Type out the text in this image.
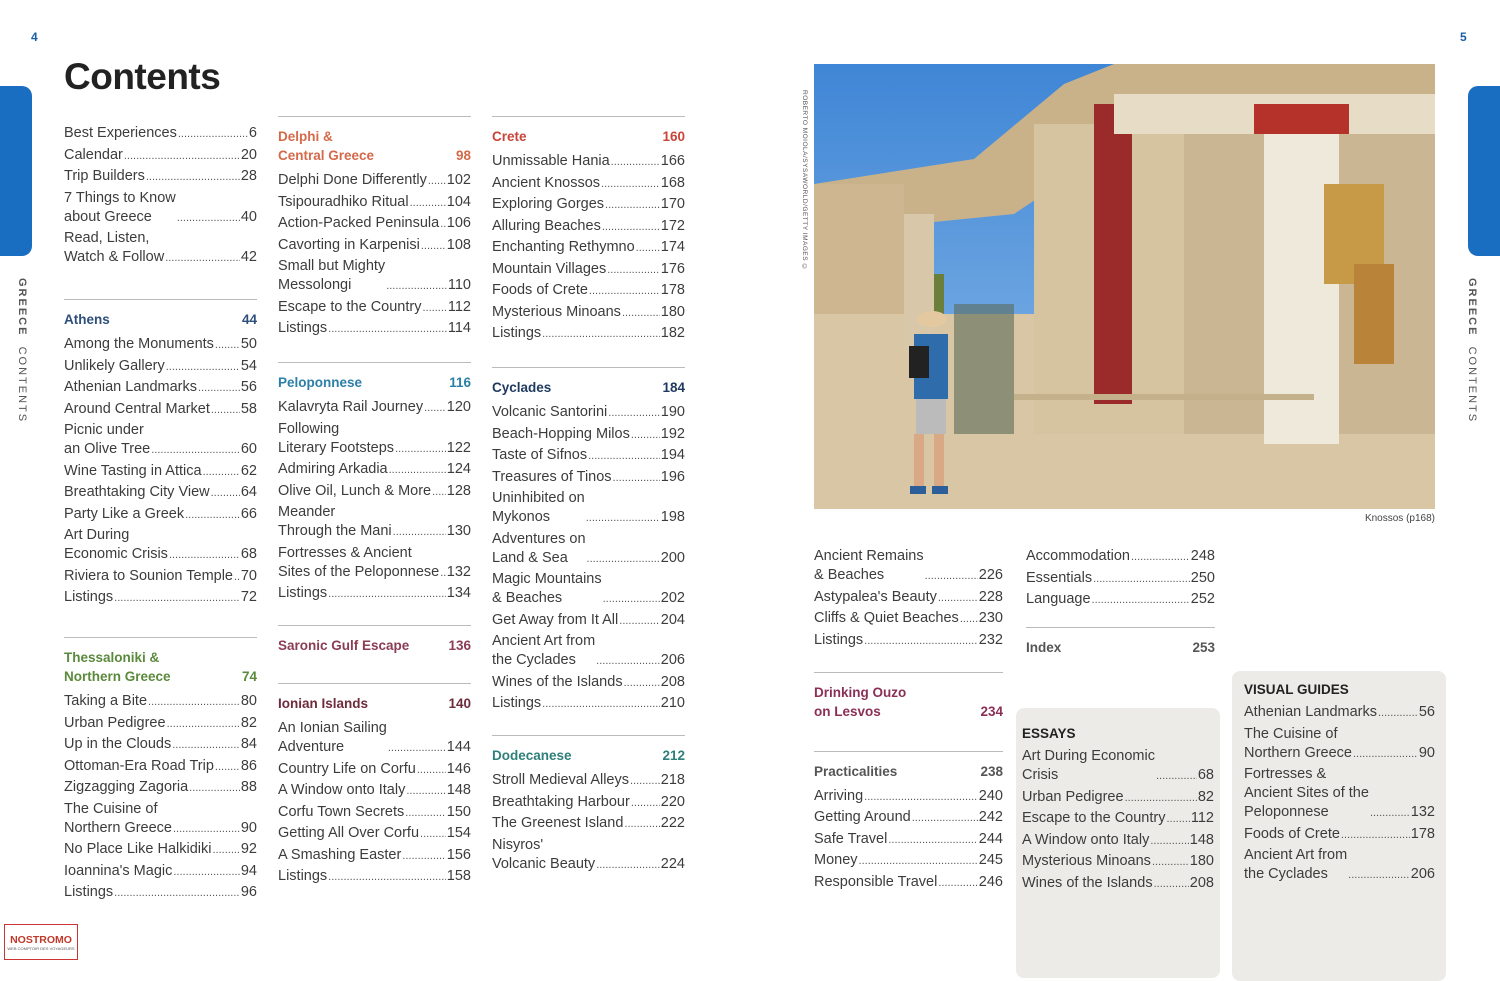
4	5
GREECE  CONTENTS
GREECE  CONTENTS
Contents
Best Experiences .....	6
Calendar .....	20
Trip Builders .....	28
7 Things to Know
about Greece .....	40
Read, Listen,
Watch & Follow .....	42
Athens	44
Among the Monuments ..... 50
Unlikely Gallery .....	54
Athenian Landmarks .....	56
Around Central Market ..... 58
Picnic under
an Olive Tree .....	60
Wine Tasting in Attica .....	62
Breathtaking City View ..... 64
Party Like a Greek .....	66
Art During
Economic Crisis .....	68
Riviera to Sounion Temple ..... 70
Listings .....	72
Thessaloniki &
Northern Greece	74
Taking a Bite .....	80
Urban Pedigree .....	82
Up in the Clouds .....	84
Ottoman-Era Road Trip ..... 86
Zigzagging Zagoria .....	88
The Cuisine of
Northern Greece .....	90
No Place Like Halkidiki ..... 92
Ioannina's Magic .....	94
Listings .....	96
Delphi &
Central Greece	98
Delphi Done Differently ..... 102
Tsipouradhiko Ritual .....	104
Action-Packed Peninsula ..... 106
Cavorting in Karpenisi ..... 108
Small but Mighty
Messolongi .....	110
Escape to the Country ..... 112
Listings .....	114
Peloponnese	116
Kalavryta Rail Journey ..... 120
Following
Literary Footsteps .....	122
Admiring Arkadia .....	124
Olive Oil, Lunch & More ..... 128
Meander
Through the Mani .....	130
Fortresses & Ancient
Sites of the Peloponnese ..... 132
Listings .....	134
Saronic Gulf Escape	136
Ionian Islands	140
An Ionian Sailing
Adventure .....	144
Country Life on Corfu ..... 146
A Window onto Italy .....	148
Corfu Town Secrets .....	150
Getting All Over Corfu ..... 154
A Smashing Easter .....	156
Listings .....	158
Crete	160
Unmissable Hania .....	166
Ancient Knossos .....	168
Exploring Gorges .....	170
Alluring Beaches .....	172
Enchanting Rethymno ..... 174
Mountain Villages .....	176
Foods of Crete .....	178
Mysterious Minoans .....	180
Listings .....	182
Cyclades	184
Volcanic Santorini .....	190
Beach-Hopping Milos ..... 192
Taste of Sifnos .....	194
Treasures of Tinos .....	196
Uninhibited on
Mykonos .....	198
Adventures on
Land & Sea .....	200
Magic Mountains
& Beaches .....	202
Get Away from It All .....	204
Ancient Art from
the Cyclades .....	206
Wines of the Islands .....	208
Listings .....	210
Dodecanese	212
Stroll Medieval Alleys ..... 218
Breathtaking Harbour ..... 220
The Greenest Island .....	222
Nisyros'
Volcanic Beauty .....	224
ROBERTO MOIOLA/SYSAWORLD/GETTY IMAGES ©
Knossos (p168)
Ancient Remains
& Beaches .....	226
Astypalea's Beauty .....	228
Cliffs & Quiet Beaches ..... 230
Listings .....	232
Drinking Ouzo
on Lesvos	234
Practicalities	238
Arriving .....	240
Getting Around .....	242
Safe Travel .....	244
Money .....	245
Responsible Travel .....	246
Accommodation .....	248
Essentials .....	250
Language .....	252
Index	253
ESSAYS
Art During Economic
Crisis .....	68
Urban Pedigree .....	82
Escape to the Country ..... 112
A Window onto Italy .....	148
Mysterious Minoans .....	180
Wines of the Islands .....	208
VISUAL GUIDES
Athenian Landmarks .....	56
The Cuisine of
Northern Greece .....	90
Fortresses &
Ancient Sites of the
Peloponnese .....	132
Foods of Crete .....	178
Ancient Art from
the Cyclades .....	206
NOSTROMO
WEB COMPTOIR DES VOYAGEURS
